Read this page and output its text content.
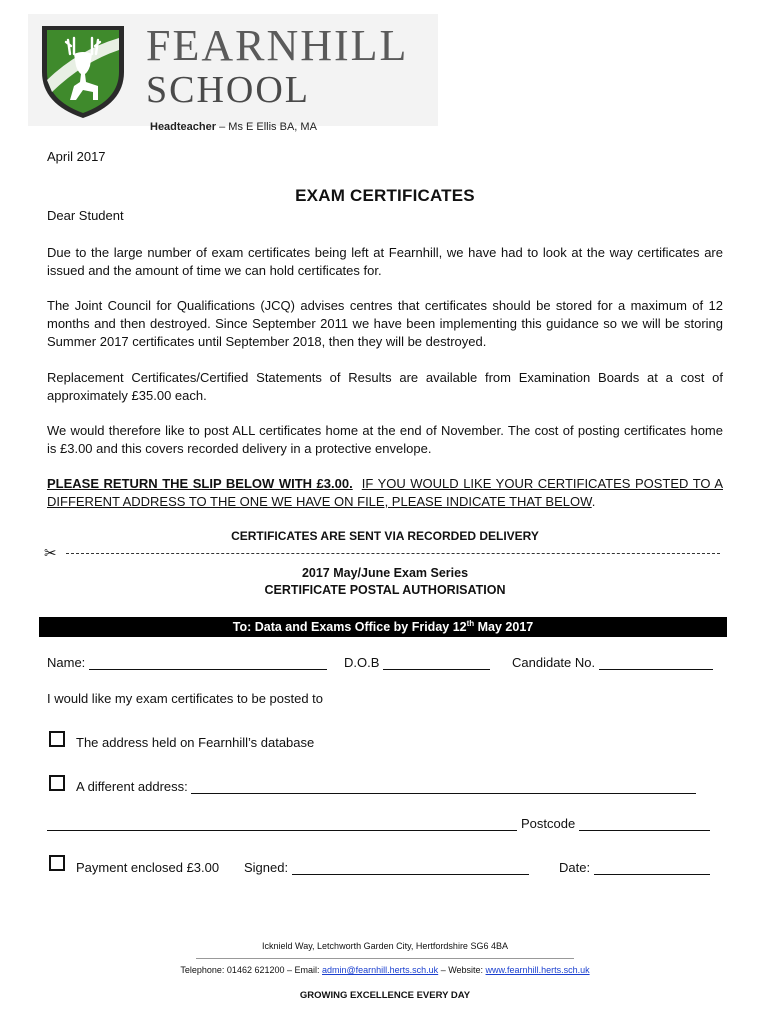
FEARNHILL
SCHOOL
Headteacher – Ms E Ellis BA, MA
April 2017
EXAM CERTIFICATES
Dear Student

Due to the large number of exam certificates being left at Fearnhill, we have had to look at the way certificates are issued and the amount of time we can hold certificates for.

The Joint Council for Qualifications (JCQ) advises centres that certificates should be stored for a maximum of 12 months and then destroyed. Since September 2011 we have been implementing this guidance so we will be storing Summer 2017 certificates until September 2018, then they will be destroyed.

Replacement Certificates/Certified Statements of Results are available from Examination Boards at a cost of approximately £35.00 each.

We would therefore like to post ALL certificates home at the end of November. The cost of posting certificates home is £3.00 and this covers recorded delivery in a protective envelope.

PLEASE RETURN THE SLIP BELOW WITH £3.00. IF YOU WOULD LIKE YOUR CERTIFICATES POSTED TO A DIFFERENT ADDRESS TO THE ONE WE HAVE ON FILE, PLEASE INDICATE THAT BELOW.

CERTIFICATES ARE SENT VIA RECORDED DELIVERY
✂
2017 May/June Exam Series
CERTIFICATE POSTAL AUTHORISATION
To: Data and Exams Office by Friday 12th May 2017
Name:	D.O.B	Candidate No.
I would like my exam certificates to be posted to
The address held on Fearnhill’s database
A different address:
Postcode
Payment enclosed £3.00 Signed:	Date:
Icknield Way, Letchworth Garden City, Hertfordshire SG6 4BA
Telephone: 01462 621200 – Email: admin@fearnhill.herts.sch.uk – Website: www.fearnhill.herts.sch.uk
GROWING EXCELLENCE EVERY DAY
